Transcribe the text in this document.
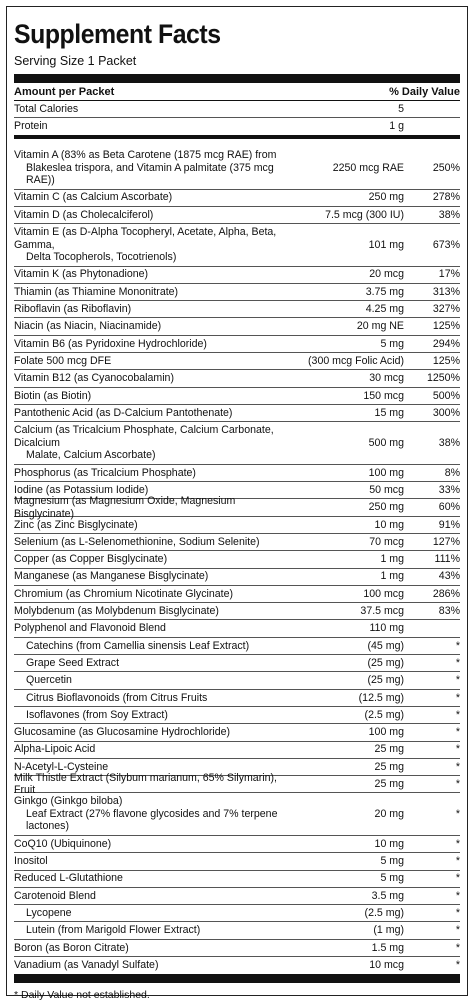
Supplement Facts
Serving Size 1 Packet
Amount per Packet	% Daily Value
Total Calories	5
Protein	1 g
Vitamin A (83% as Beta Carotene (1875 mcg RAE) from
Blakeslea trispora, and Vitamin A palmitate (375 mcg RAE))
2250 mcg RAE	250%
Vitamin C (as Calcium Ascorbate)	250 mg	278%
Vitamin D (as Cholecalciferol)	7.5 mcg (300 IU)	38%
Vitamin E (as D-Alpha Tocopheryl, Acetate, Alpha, Beta, Gamma,
Delta Tocopherols, Tocotrienols)
101 mg	673%
Vitamin K (as Phytonadione)	20 mcg	17%
Thiamin (as Thiamine Mononitrate)	3.75 mg	313%
Riboflavin (as Riboflavin)	4.25 mg	327%
Niacin (as Niacin, Niacinamide)	20 mg NE	125%
Vitamin B6 (as Pyridoxine Hydrochloride)	5 mg	294%
Folate 500 mcg DFE	(300 mcg Folic Acid)	125%
Vitamin B12 (as Cyanocobalamin)	30 mcg	1250%
Biotin (as Biotin)	150 mcg	500%
Pantothenic Acid (as D-Calcium Pantothenate)	15 mg	300%
Calcium (as Tricalcium Phosphate, Calcium Carbonate, Dicalcium
Malate, Calcium Ascorbate)
500 mg	38%
Phosphorus (as Tricalcium Phosphate)	100 mg	8%
Iodine (as Potassium Iodide)	50 mcg	33%
Magnesium (as Magnesium Oxide, Magnesium Bisglycinate)
250 mg	60%
Zinc (as Zinc Bisglycinate)	10 mg	91%
Selenium (as L-Selenomethionine, Sodium Selenite)	70 mcg	127%
Copper (as Copper Bisglycinate)	1 mg	111%
Manganese (as Manganese Bisglycinate)	1 mg	43%
Chromium (as Chromium Nicotinate Glycinate)	100 mcg	286%
Molybdenum (as Molybdenum Bisglycinate)	37.5 mcg	83%
Polyphenol and Flavonoid Blend	110 mg
Catechins (from Camellia sinensis Leaf Extract)	(45 mg)	*
Grape Seed Extract	(25 mg)	*
Quercetin	(25 mg)	*
Citrus Bioflavonoids (from Citrus Fruits	(12.5 mg)	*
Isoflavones (from Soy Extract)	(2.5 mg)	*
Glucosamine (as Glucosamine Hydrochloride)	100 mg	*
Alpha-Lipoic Acid	25 mg	*
N-Acetyl-L-Cysteine	25 mg	*
Milk Thistle Extract (Silybum marianum, 65% Silymarin), Fruit
25 mg	*
Ginkgo (Ginkgo biloba)
Leaf Extract (27% flavone glycosides and 7% terpene lactones)
20 mg	*
CoQ10 (Ubiquinone)	10 mg	*
Inositol	5 mg	*
Reduced L-Glutathione	5 mg	*
Carotenoid Blend	3.5 mg	*
Lycopene	(2.5 mg)	*
Lutein (from Marigold Flower Extract)	(1 mg)	*
Boron (as Boron Citrate)	1.5 mg	*
Vanadium (as Vanadyl Sulfate)	10 mcg	*
* Daily Value not established.
